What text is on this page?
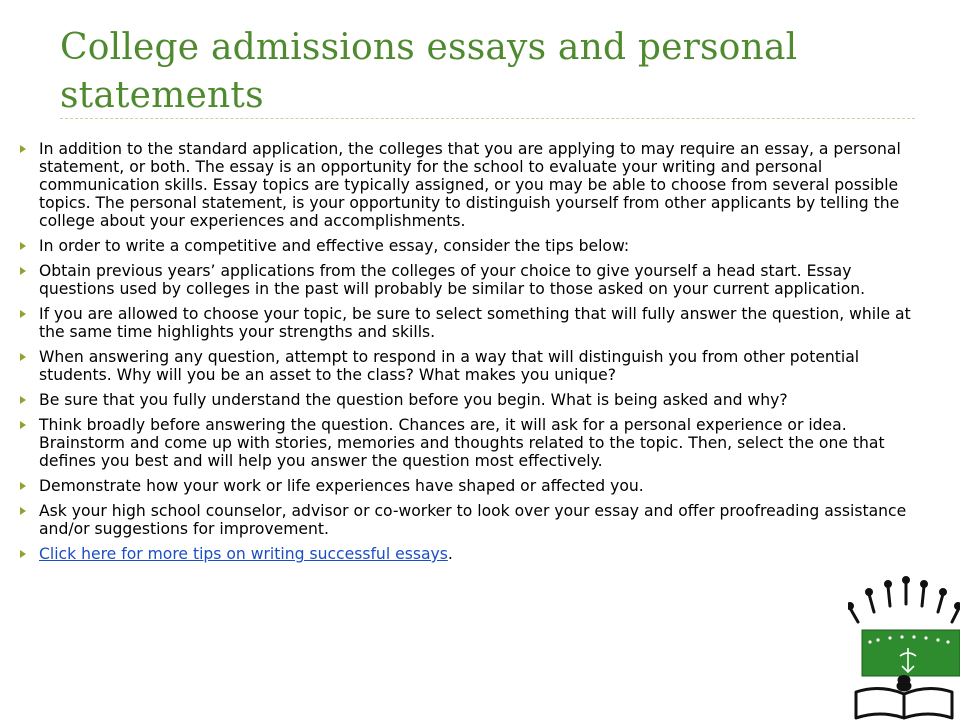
College admissions essays and personal
statements
In addition to the standard application, the colleges that you are applying to may require an essay, a personal statement, or both. The essay is an opportunity for the school to evaluate your writing and personal communication skills. Essay topics are typically assigned, or you may be able to choose from several possible topics. The personal statement, is your opportunity to distinguish yourself from other applicants by telling the college about your experiences and accomplishments.
In order to write a competitive and effective essay, consider the tips below:
Obtain previous years’ applications from the colleges of your choice to give yourself a head start. Essay questions used by colleges in the past will probably be similar to those asked on your current application.
If you are allowed to choose your topic, be sure to select something that will fully answer the question, while at the same time highlights your strengths and skills.
When answering any question, attempt to respond in a way that will distinguish you from other potential students. Why will you be an asset to the class? What makes you unique?
Be sure that you fully understand the question before you begin. What is being asked and why?
Think broadly before answering the question. Chances are, it will ask for a personal experience or idea. Brainstorm and come up with stories, memories and thoughts related to the topic. Then, select the one that defines you best and will help you answer the question most effectively.
Demonstrate how your work or life experiences have shaped or affected you.
Ask your high school counselor, advisor or co-worker to look over your essay and offer proofreading assistance and/or suggestions for improvement.
Click here for more tips on writing successful essays.
